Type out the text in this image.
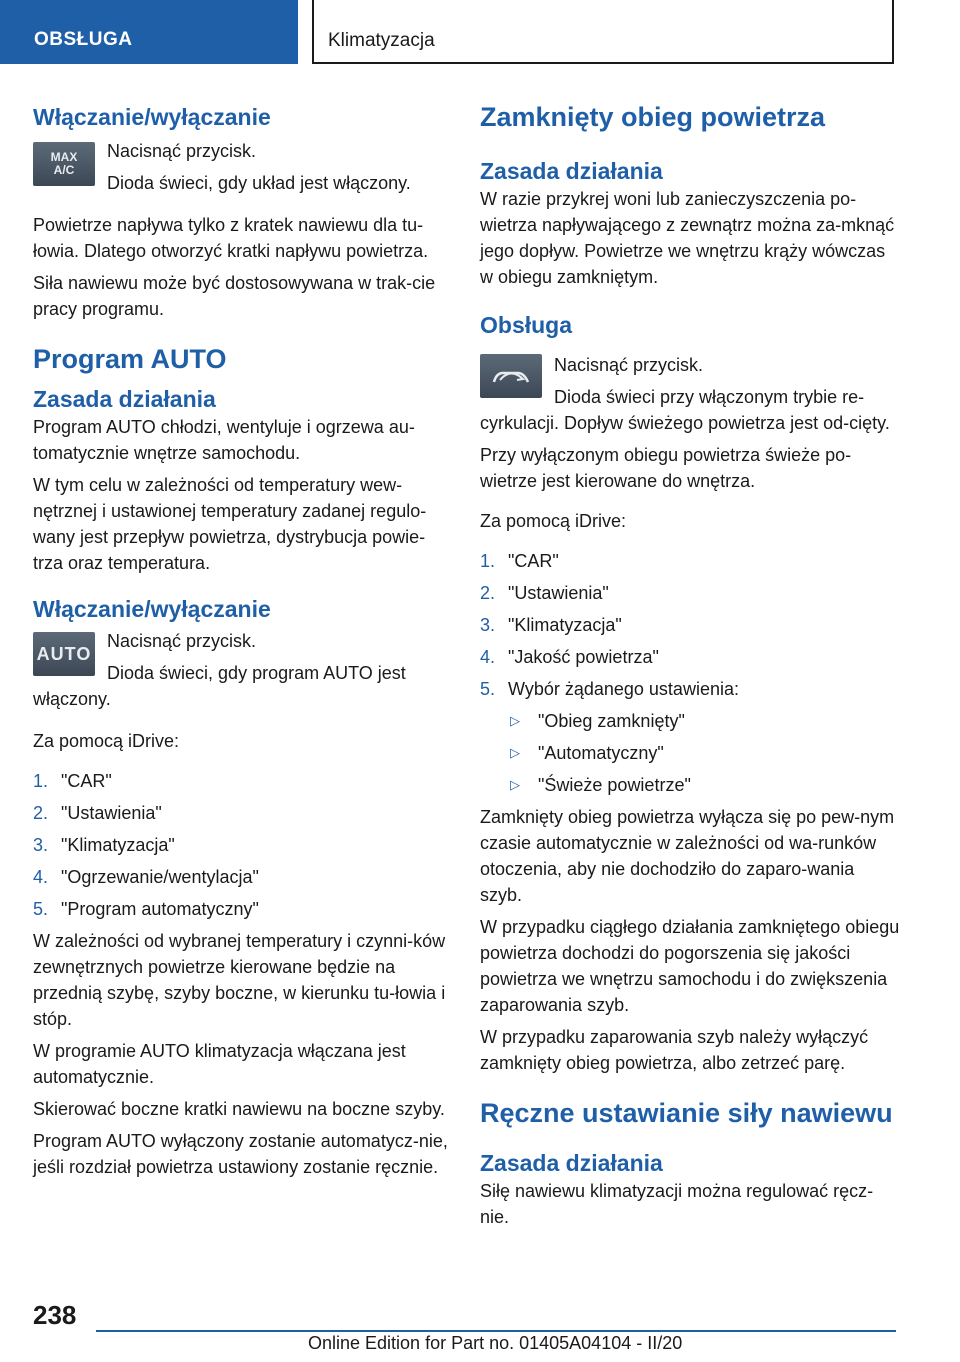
OBSŁUGA	Klimatyzacja
Włączanie/wyłączanie
MAX
A/C

Nacisnąć przycisk.

Dioda świeci, gdy układ jest włączony.

Powietrze napływa tylko z kratek nawiewu dla tu-łowia. Dlatego otworzyć kratki napływu powietrza.

Siła nawiewu może być dostosowywana w trak-cie pracy programu.

Program AUTO
Zasada działania

Program AUTO chłodzi, wentyluje i ogrzewa au-tomatycznie wnętrze samochodu.

W tym celu w zależności od temperatury wew-nętrznej i ustawionej temperatury zadanej regulo-wany jest przepływ powietrza, dystrybucja powie-trza oraz temperatura.

Włączanie/wyłączanie
AUTO

Nacisnąć przycisk.

Dioda świeci, gdy program AUTO jest włączony.

Za pomocą iDrive:

1. "CAR"
2. "Ustawienia"
3. "Klimatyzacja"
4. "Ogrzewanie/wentylacja"
5. "Program automatyczny"

W zależności od wybranej temperatury i czynni-ków zewnętrznych powietrze kierowane będzie na przednią szybę, szyby boczne, w kierunku tu-łowia i stóp.

W programie AUTO klimatyzacja włączana jest automatycznie.

Skierować boczne kratki nawiewu na boczne szyby.

Program AUTO wyłączony zostanie automatycz-nie, jeśli rozdział powietrza ustawiony zostanie ręcznie.

Zamknięty obieg powietrza
Zasada działania

W razie przykrej woni lub zanieczyszczenia po-wietrza napływającego z zewnątrz można za-mknąć jego dopływ. Powietrze we wnętrzu krąży wówczas w obiegu zamkniętym.

Obsługa

Nacisnąć przycisk.

Dioda świeci przy włączonym trybie re-cyrkulacji. Dopływ świeżego powietrza jest od-cięty.

Przy wyłączonym obiegu powietrza świeże po-wietrze jest kierowane do wnętrza.

Za pomocą iDrive:

1. "CAR"
2. "Ustawienia"
3. "Klimatyzacja"
4. "Jakość powietrza"
5. Wybór żądanego ustawienia:
▷	"Obieg zamknięty"
▷	"Automatyczny"
▷	"Świeże powietrze"

Zamknięty obieg powietrza wyłącza się po pew-nym czasie automatycznie w zależności od wa-runków otoczenia, aby nie dochodziło do zaparo-wania szyb.

W przypadku ciągłego działania zamkniętego obiegu powietrza dochodzi do pogorszenia się jakości powietrza we wnętrzu samochodu i do zwiększenia zaparowania szyb.

W przypadku zaparowania szyb należy wyłączyć zamknięty obieg powietrza, albo zetrzeć parę.

Ręczne ustawianie siły nawiewu
Zasada działania

Siłę nawiewu klimatyzacji można regulować ręcz-nie.

238
Online Edition for Part no. 01405A04104 - II/20
